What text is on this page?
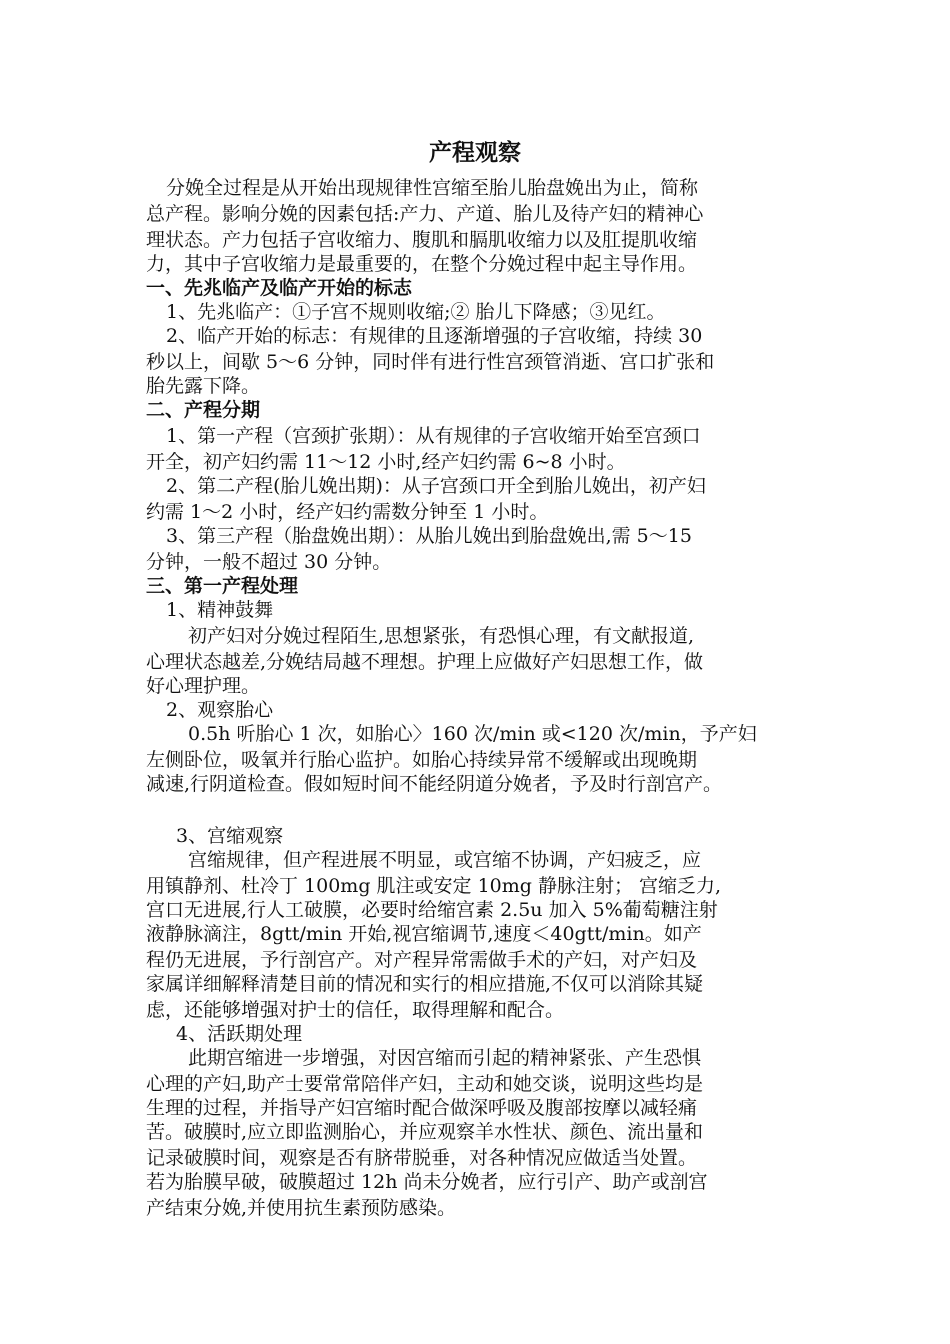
产程观察
分娩全过程是从开始出现规律性宫缩至胎儿胎盘娩出为止，简称
总产程。影响分娩的因素包括:产力、产道、胎儿及待产妇的精神心
理状态。产力包括子宫收缩力、腹肌和膈肌收缩力以及肛提肌收缩
力，其中子宫收缩力是最重要的，在整个分娩过程中起主导作用。
一、先兆临产及临产开始的标志
1、先兆临产：①子宫不规则收缩;② 胎儿下降感；③见红。
2、临产开始的标志：有规律的且逐渐增强的子宫收缩，持续 30
秒以上，间歇 5～6 分钟，同时伴有进行性宫颈管消逝、宫口扩张和
胎先露下降。
二、产程分期
1、第一产程（宫颈扩张期）：从有规律的子宫收缩开始至宫颈口
开全，初产妇约需 11～12 小时,经产妇约需 6~8 小时。
2、第二产程(胎儿娩出期)：从子宫颈口开全到胎儿娩出，初产妇
约需 1～2 小时，经产妇约需数分钟至 1 小时。
3、第三产程（胎盘娩出期）：从胎儿娩出到胎盘娩出,需 5～15
分钟，一般不超过 30 分钟。
三、第一产程处理
1、精神鼓舞
初产妇对分娩过程陌生,思想紧张，有恐惧心理，有文献报道,
心理状态越差,分娩结局越不理想。护理上应做好产妇思想工作，做
好心理护理。
2、观察胎心
0.5h 听胎心 1 次，如胎心〉160 次/min 或<120 次/min，予产妇
左侧卧位，吸氧并行胎心监护。如胎心持续异常不缓解或出现晚期
减速,行阴道检查。假如短时间不能经阴道分娩者，予及时行剖宫产。
3、宫缩观察
宫缩规律，但产程进展不明显，或宫缩不协调，产妇疲乏，应
用镇静剂、杜冷丁 100mg 肌注或安定 10mg 静脉注射； 宫缩乏力,
宫口无进展,行人工破膜，必要时给缩宫素 2.5u 加入 5%葡萄糖注射
液静脉滴注，8gtt/min 开始,视宫缩调节,速度＜40gtt/min。如产
程仍无进展，予行剖宫产。对产程异常需做手术的产妇，对产妇及
家属详细解释清楚目前的情况和实行的相应措施,不仅可以消除其疑
虑，还能够增强对护士的信任，取得理解和配合。
4、活跃期处理
此期宫缩进一步增强，对因宫缩而引起的精神紧张、产生恐惧
心理的产妇,助产士要常常陪伴产妇，主动和她交谈，说明这些均是
生理的过程，并指导产妇宫缩时配合做深呼吸及腹部按摩以减轻痛
苦。破膜时,应立即监测胎心，并应观察羊水性状、颜色、流出量和
记录破膜时间，观察是否有脐带脱垂，对各种情况应做适当处置。
若为胎膜早破，破膜超过 12h 尚未分娩者，应行引产、助产或剖宫
产结束分娩,并使用抗生素预防感染。
